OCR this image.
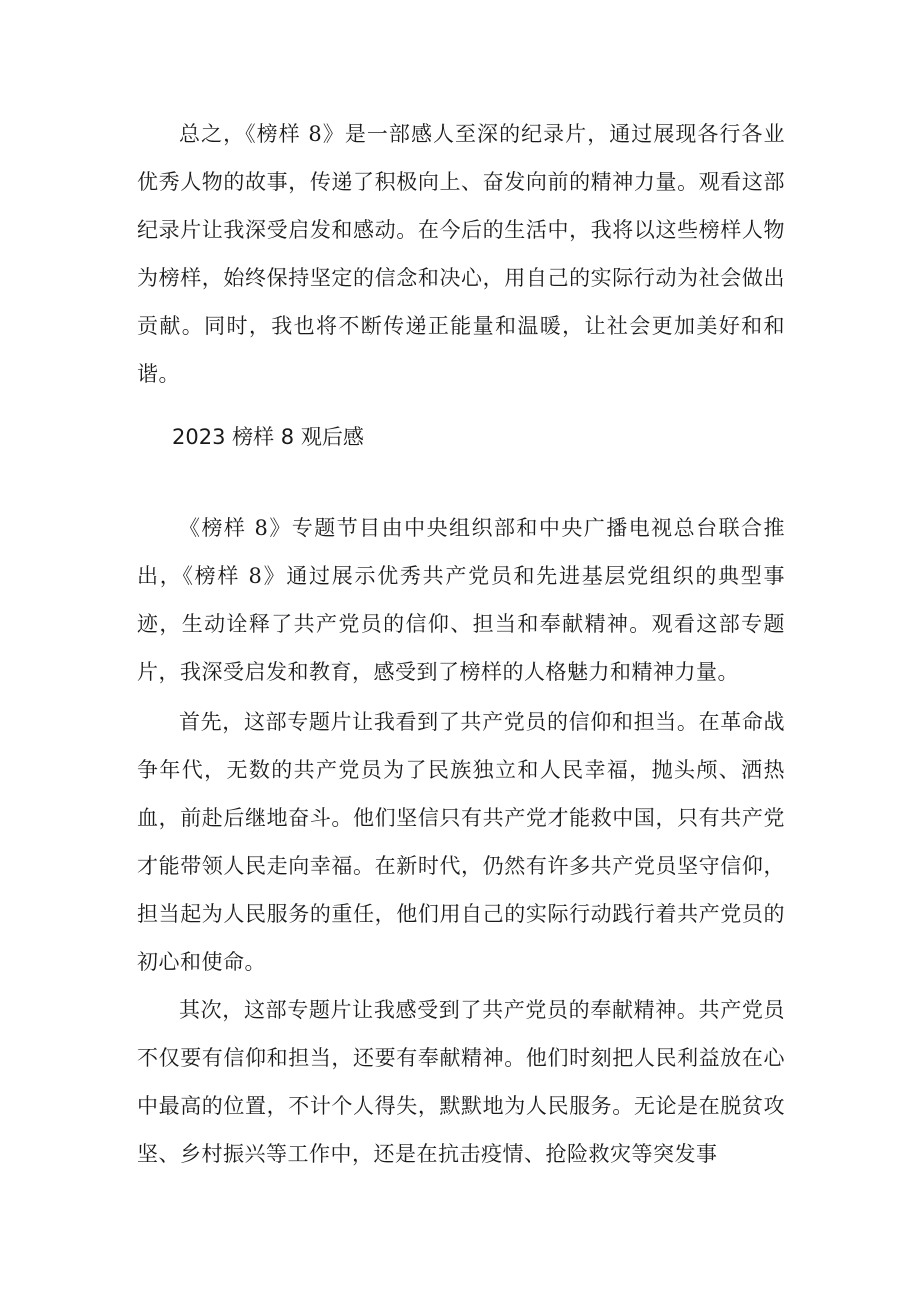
总之，《榜样 8》是一部感人至深的纪录片，通过展现各行各业优秀人物的故事，传递了积极向上、奋发向前的精神力量。观看这部纪录片让我深受启发和感动。在今后的生活中，我将以这些榜样人物为榜样，始终保持坚定的信念和决心，用自己的实际行动为社会做出贡献。同时，我也将不断传递正能量和温暖，让社会更加美好和和谐。

2023 榜样 8 观后感

《榜样 8》专题节目由中央组织部和中央广播电视总台联合推出，《榜样 8》通过展示优秀共产党员和先进基层党组织的典型事迹，生动诠释了共产党员的信仰、担当和奉献精神。观看这部专题片，我深受启发和教育，感受到了榜样的人格魅力和精神力量。

首先，这部专题片让我看到了共产党员的信仰和担当。在革命战争年代，无数的共产党员为了民族独立和人民幸福，抛头颅、洒热血，前赴后继地奋斗。他们坚信只有共产党才能救中国，只有共产党才能带领人民走向幸福。在新时代，仍然有许多共产党员坚守信仰，担当起为人民服务的重任，他们用自己的实际行动践行着共产党员的初心和使命。

其次，这部专题片让我感受到了共产党员的奉献精神。共产党员不仅要有信仰和担当，还要有奉献精神。他们时刻把人民利益放在心中最高的位置，不计个人得失，默默地为人民服务。无论是在脱贫攻坚、乡村振兴等工作中，还是在抗击疫情、抢险救灾等突发事
